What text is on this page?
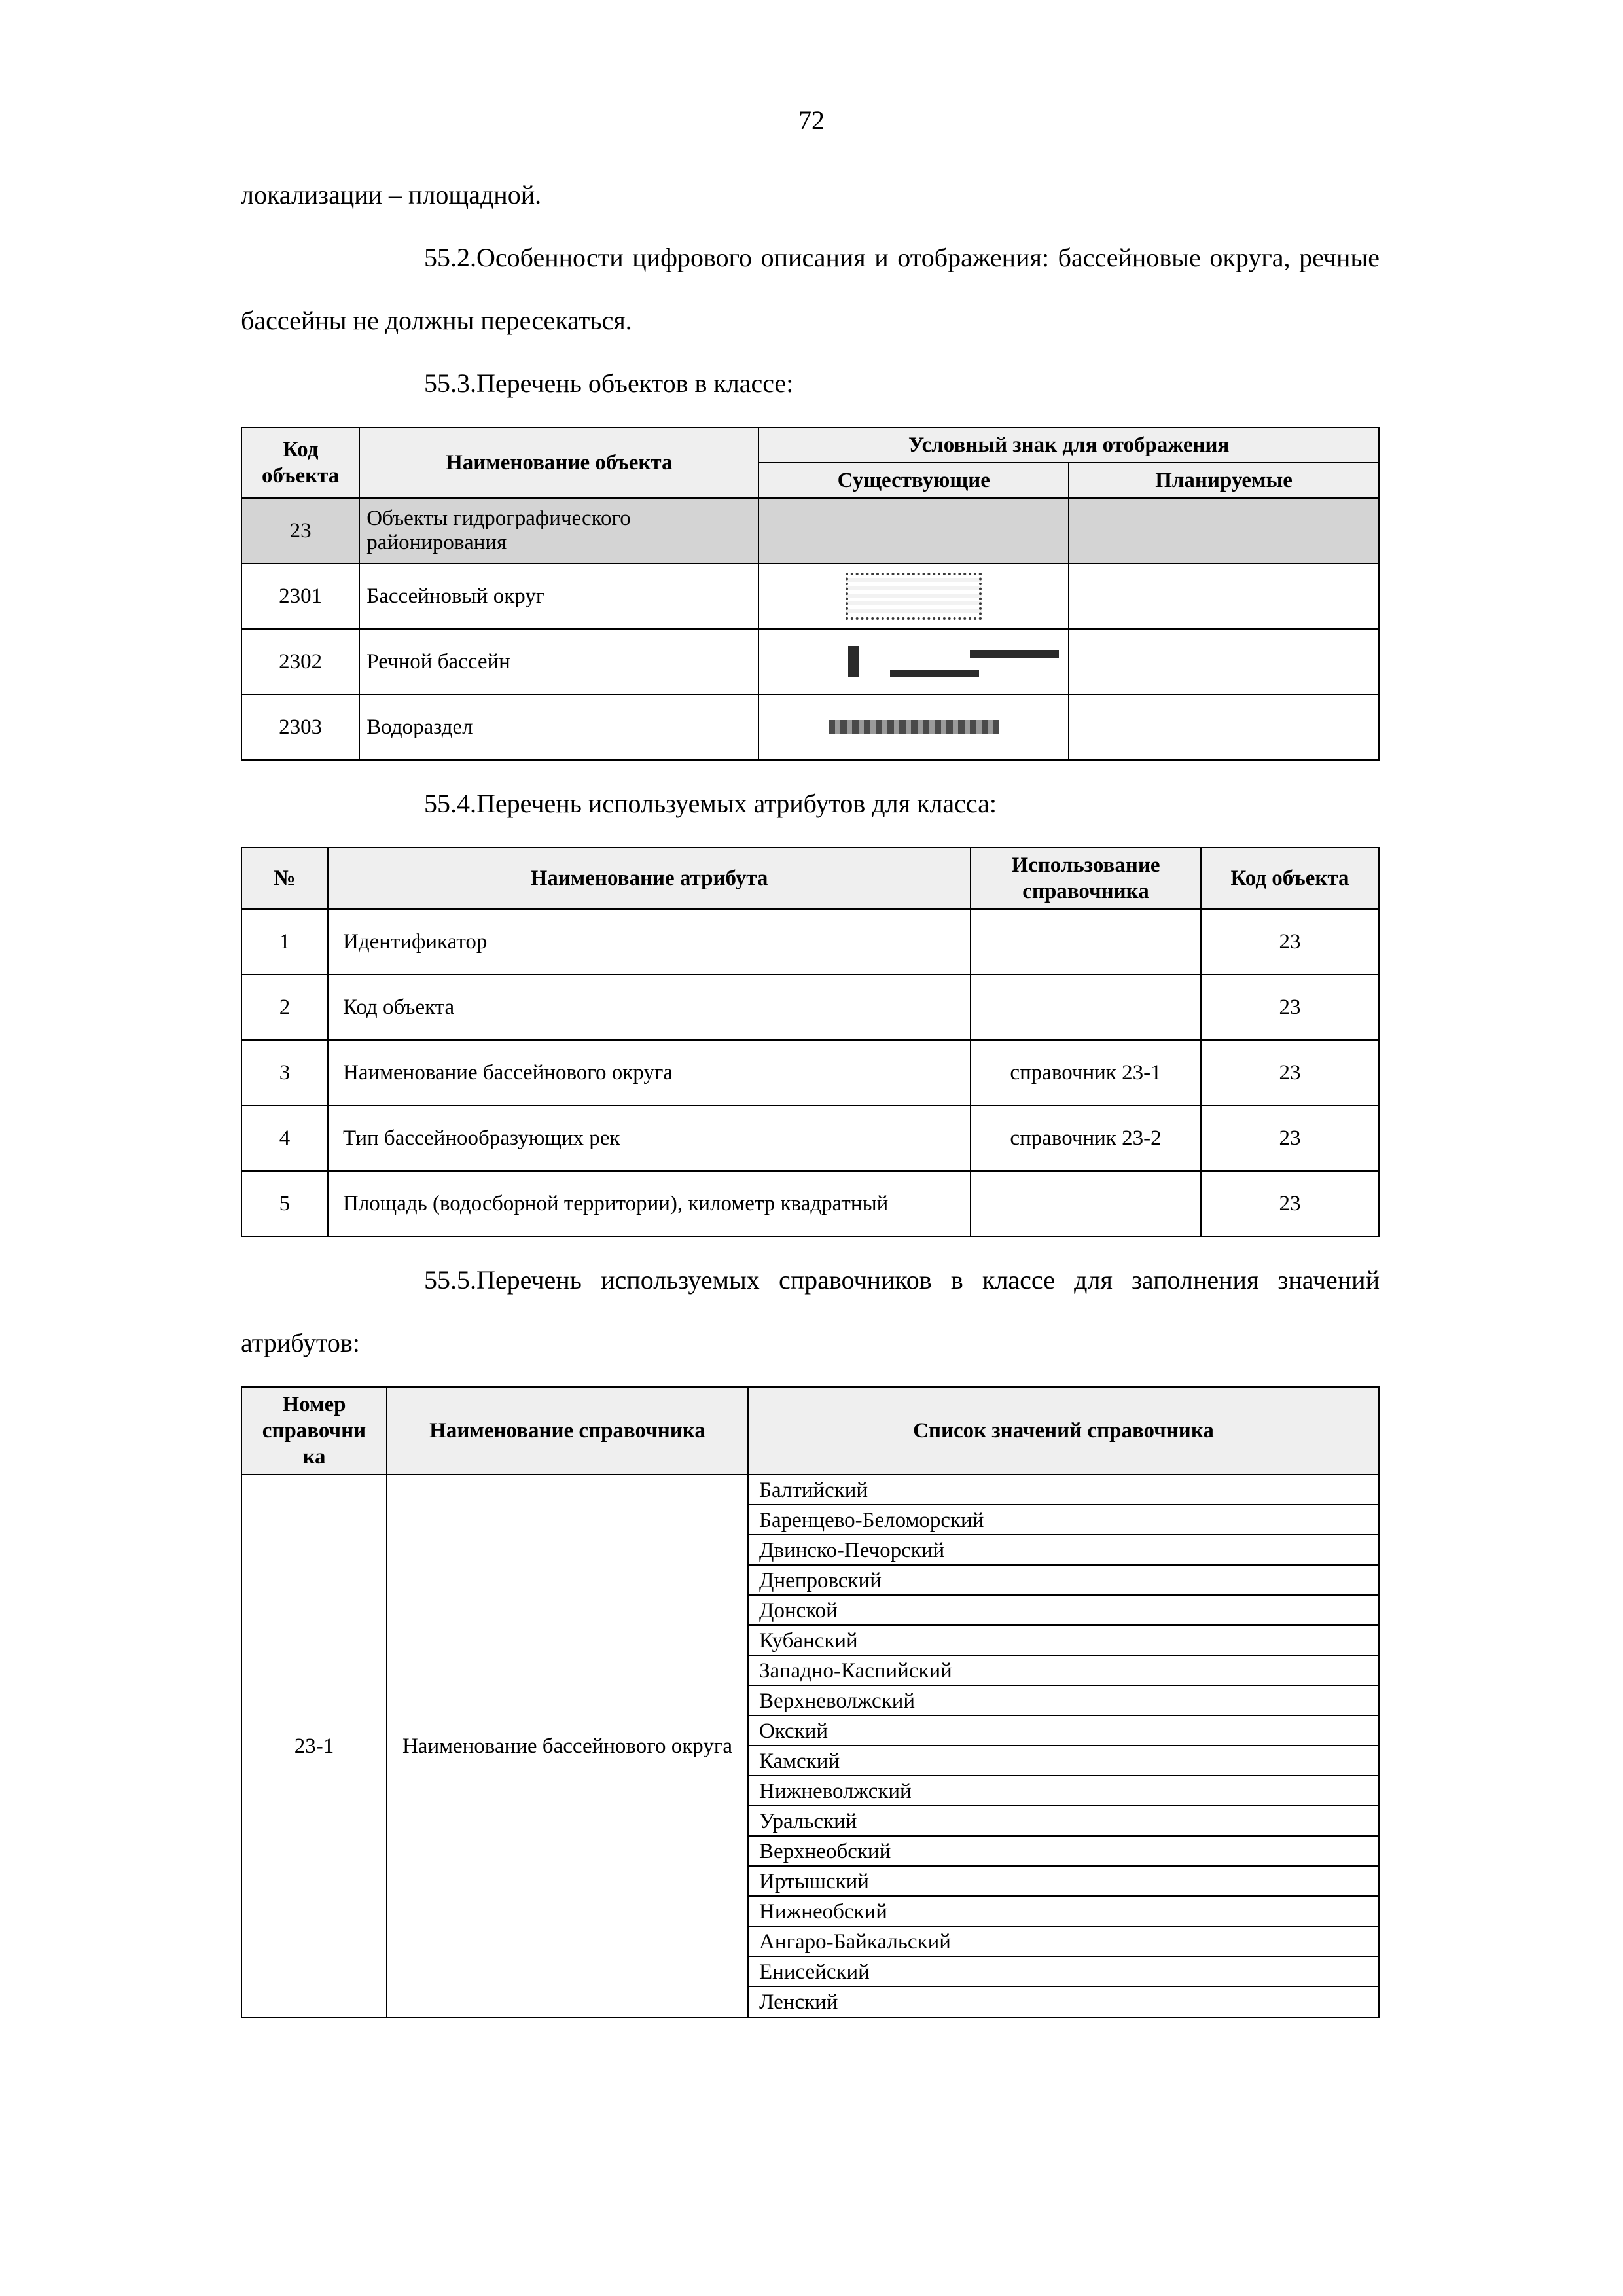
72

локализации – площадной.

55.2.Особенности цифрового описания и отображения: бассейновые округа, речные бассейны не должны пересекаться.

55.3.Перечень объектов в классе:

Код объекта	Наименование объекта	Условный знак для отображения	
		Существующие	Планируемые
23	Объекты гидрографического районирования		
2301	Бассейновый округ	

2302	Речной бассейн	

2303	Водораздел	

55.4.Перечень используемых атрибутов для класса:

№	Наименование атрибута	Использование справочника	Код объекта
1	Идентификатор		23
2	Код объекта		23
3	Наименование бассейнового округа	справочник 23-1	23
4	Тип бассейнообразующих рек	справочник 23-2	23
5	Площадь (водосборной территории), километр квадратный		23

55.5.Перечень используемых справочников в классе для заполнения значений атрибутов:

Номер справочни ка	Наименование справочника	Список значений справочника
23-1	Наименование бассейнового округа	
Балтийский
Баренцево-Беломорский
Двинско-Печорский
Днепровский
Донской
Кубанский
Западно-Каспийский
Верхневолжский
Окский
Камский
Нижневолжский
Уральский
Верхнеобский
Иртышский
Нижнеобский
Ангаро-Байкальский
Енисейский
Ленский
